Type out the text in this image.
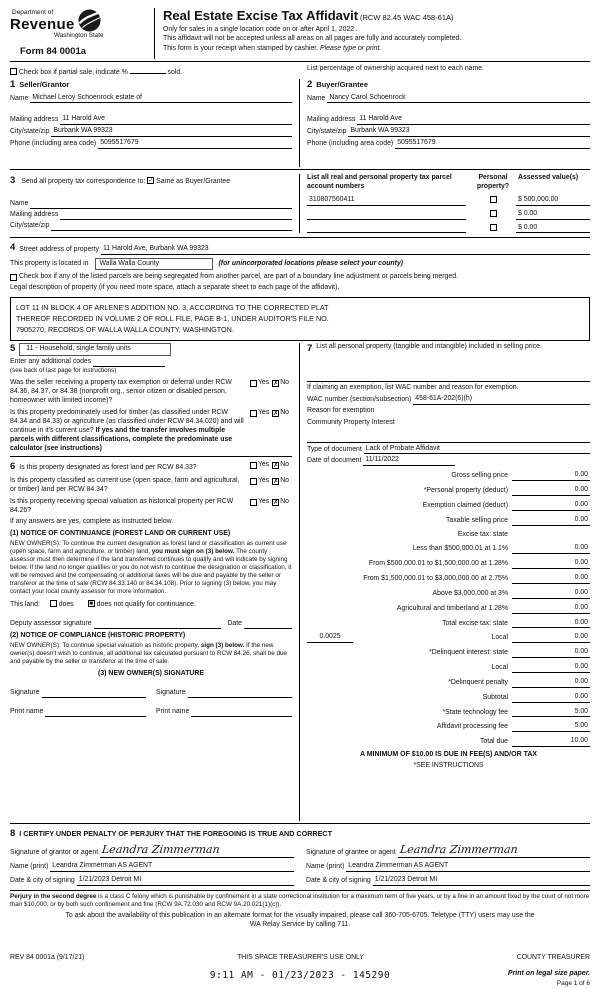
Department of
Revenue
Washington State
Form 84 0001a
Real Estate Excise Tax Affidavit (RCW 82.45 WAC 458-61A)
Only for sales in a single location code on or after April 1, 2022..
This affidavit will not be accepted unless all areas on all pages are fully and accurately completed.
This form is your receipt when stamped by cashier. Please type or print.
Check box if partial sale, indicate %	sold.
List percentage of ownership acquired next to each name.
1 Seller/Grantor
Name Michael Leroy Schoenrock estate of
Mailing address 11 Harold Ave
City/state/zip Burbank WA 99323
Phone (including area code) 5095517679
2 Buyer/Grantee
Name Nancy Carol Schoenrock
Mailing address 11 Harold Ave
City/state/zip Burbank WA 99323
Phone (including area code) 5095517679
3 Send all property tax correspondence to: ✓ Same as Buyer/Grantee
Name
Mailing address
City/state/zip
List all real and personal property tax parcel account numbers
Personal property?
Assessed value(s)
310807560411	$ 500,000.00
$ 0.00
$ 0.00
4 Street address of property 11 Harold Ave, Burbank WA 99323
This property is located in	Walla Walla County	(for unincorporated locations please select your county)
Check box if any of the listed parcels are being segregated from another parcel, are part of a boundary line adjustment or parcels being merged.
Legal description of property (if you need more space, attach a separate sheet to each page of the affidavit).
LOT 11 IN BLOCK 4 OF ARLENE'S ADDITION NO. 3, ACCORDING TO THE CORRECTED PLAT
THEREOF RECORDED IN VOLUME 2 OF ROLL FILE, PAGE B-1, UNDER AUDITOR'S FILE NO.
7905270, RECORDS OF WALLA WALLA COUNTY, WASHINGTON.
5	11 - Household, single family units
Enter any additional codes
(see back of last page for instructions)
Was the seller receiving a property tax exemption or deferral under RCW 84.36, 84.37, or 84.38 (nonprofit org., senior citizen or disabled person, homeowner with limited income)?
Yes ✗ No
Is this property predominately used for timber (as classified under RCW 84.34 and 84.33) or agriculture (as classified under RCW 84.34.020) and will continue in it's current use? If yes and the transfer involves multiple parcels with different classifications, complete the predominate use calculator (see instructions)
Yes ✗ No
6 Is this property designated as forest land per RCW 84.33?	Yes ✗ No
Is this property classified as current use (open space, farm and agricultural, or timber) land per RCW 84.34?
Yes ✗ No
Is this property receiving special valuation as historical property per RCW 84.26?
Yes ✗ No
If any answers are yes, complete as instructed below.
(1) NOTICE OF CONTINUANCE (FOREST LAND OR CURRENT USE)
NEW OWNER(S): To continue the current designation as forest land or classification as current use (open space, farm and agriculture, or timber) land, you must sign on (3) below. The county assessor must then determine if the land transferred continues to qualify and will indicate by signing below. If the land no longer qualifies or you do not wish to continue the designation or classification, it will be removed and the compensating or additional taxes will be due and payable by the seller or transferor at the time of sale (RCW 84.33.140 or 84.34.108). Prior to signing (3) below, you may contact your local county assessor for more information.
This land:	does	■ does not qualify for continuance.
Deputy assessor signature	Date
(2) NOTICE OF COMPLIANCE (HISTORIC PROPERTY)
NEW OWNER(S): To continue special valuation as historic property, sign (3) below. If the new owner(s) doesn't wish to continue, all additional tax calculated pursuant to RCW 84.26, shall be due and payable by the seller or transferor at the time of sale.
(3) NEW OWNER(S) SIGNATURE
Signature	Signature
Print name	Print name
7 List all personal property (tangible and intangible) included in selling price.
If claiming an exemption, list WAC number and reason for exemption.
WAC number (section/subsection) 458-61A-202(6)(h)
Reason for exemption
Community Property Interest
Type of document Lack of Probate Affidavit
Date of document 11/11/2022
Gross selling price	0.00
*Personal property (deduct)	0.00
Exemption claimed (deduct)	0.00
Taxable selling price	0.00
Excise tax: state
Less than $500,000.01 at 1.1%	0.00
From $500,000.01 to $1,500,000.00 at 1.28%	0.00
From $1,500,000.01 to $3,000,000.00 at 2.75%	0.00
Above $3,000,000 at 3%	0.00
Agricultural and timberland at 1.28%	0.00
Total excise tax: state	0.00
0.0025	Local	0.00
*Delinquent interest: state	0.00
Local	0.00
*Delinquent penalty	0.00
Subtotal	0.00
*State technology fee	5.00
Affidavit processing fee	5.00
Total due	10.00
A MINIMUM OF $10.00 IS DUE IN FEE(S) AND/OR TAX
*SEE INSTRUCTIONS
8 I CERTIFY UNDER PENALTY OF PERJURY THAT THE FOREGOING IS TRUE AND CORRECT
Signature of grantor or agent Leandra Zimmerman	Signature of grantee or agent Leandra Zimmerman
Name (print) Leandra Zimmerman AS AGENT	Name (print) Leandra Zimmerman AS AGENT
Date & city of signing 1/21/2023 Detroit MI	Date & city of signing 1/21/2023 Detroit MI
Perjury in the second degree is a class C felony which is punishable by confinement in a state correctional institution for a maximum term of five years, or by a fine in an amount fixed by the court of not more than $10,000, or by both such confinement and fine (RCW 9A.72.030 and RCW 9A.20.021(1)(c)).
To ask about the availability of this publication in an alternate format for the visually impaired, please call 360-705-6705. Teletype (TTY) users may use the WA Relay Service by calling 711.
REV 84 0001a (9/17/21)	THIS SPACE TREASURER'S USE ONLY	COUNTY TREASURER
9:11 AM - 01/23/2023 - 145290	Print on legal size paper.
Page 1 of 6
